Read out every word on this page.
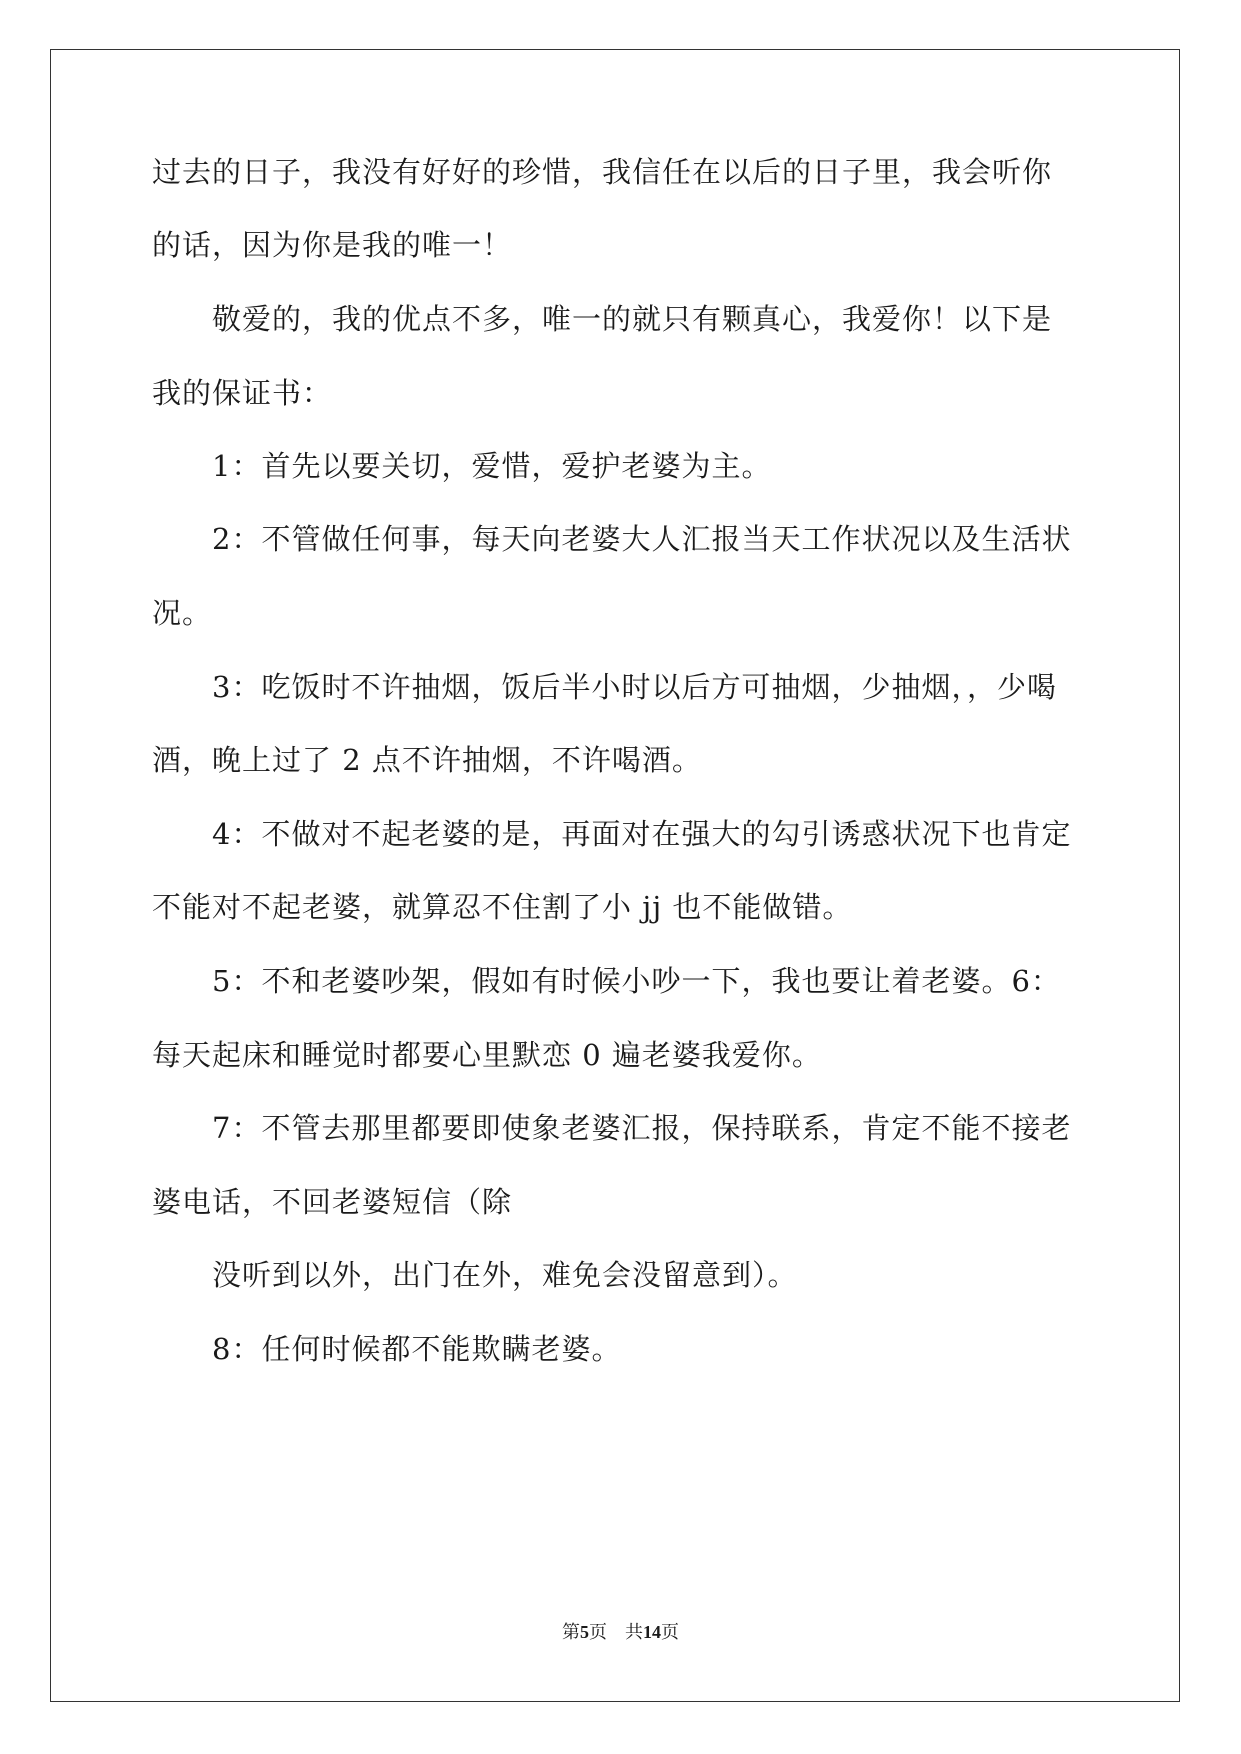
过去的日子，我没有好好的珍惜，我信任在以后的日子里，我会听你
的话，因为你是我的唯一！
敬爱的，我的优点不多，唯一的就只有颗真心，我爱你！以下是
我的保证书：
1：首先以要关切，爱惜，爱护老婆为主。
2：不管做任何事，每天向老婆大人汇报当天工作状况以及生活状
况。
3：吃饭时不许抽烟，饭后半小时以后方可抽烟，少抽烟，，少喝
酒，晚上过了 2 点不许抽烟，不许喝酒。
4：不做对不起老婆的是，再面对在强大的勾引诱惑状况下也肯定
不能对不起老婆，就算忍不住割了小 jj 也不能做错。
5：不和老婆吵架，假如有时候小吵一下，我也要让着老婆。6：
每天起床和睡觉时都要心里默恋 0 遍老婆我爱你。
7：不管去那里都要即使象老婆汇报，保持联系，肯定不能不接老
婆电话，不回老婆短信（除
没听到以外，出门在外，难免会没留意到）。
8：任何时候都不能欺瞒老婆。
第5页 共14页
